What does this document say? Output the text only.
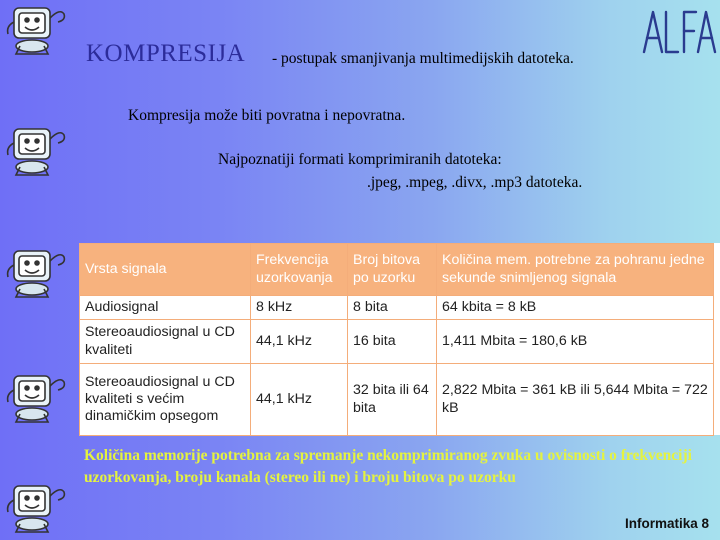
KOMPRESIJA - postupak smanjivanja multimedijskih datoteka.
Kompresija može biti povratna i nepovratna.
Najpoznatiji formati komprimiranih datoteka:
.jpeg, .mpeg, .divx, .mp3 datoteka.
Vrsta signala	Frekvencija uzorkovanja	Broj bitova po uzorku	Količina mem. potrebne za pohranu jedne sekunde snimljenog signala
Audiosignal	8 kHz	8 bita	64 kbita = 8 kB
Stereoaudiosignal u CD kvaliteti	44,1 kHz	16 bita	1,411 Mbita = 180,6 kB
Stereoaudiosignal u CD kvaliteti s većim dinamičkim opsegom	44,1 kHz	32 bita ili 64 bita	2,822 Mbita = 361 kB ili 5,644 Mbita = 722 kB
Količina memorije potrebna za spremanje nekomprimiranog zvuka u ovisnosti o frekvenciji uzorkovanja, broju kanala (stereo ili ne) i broju bitova po uzorku
Informatika 8
